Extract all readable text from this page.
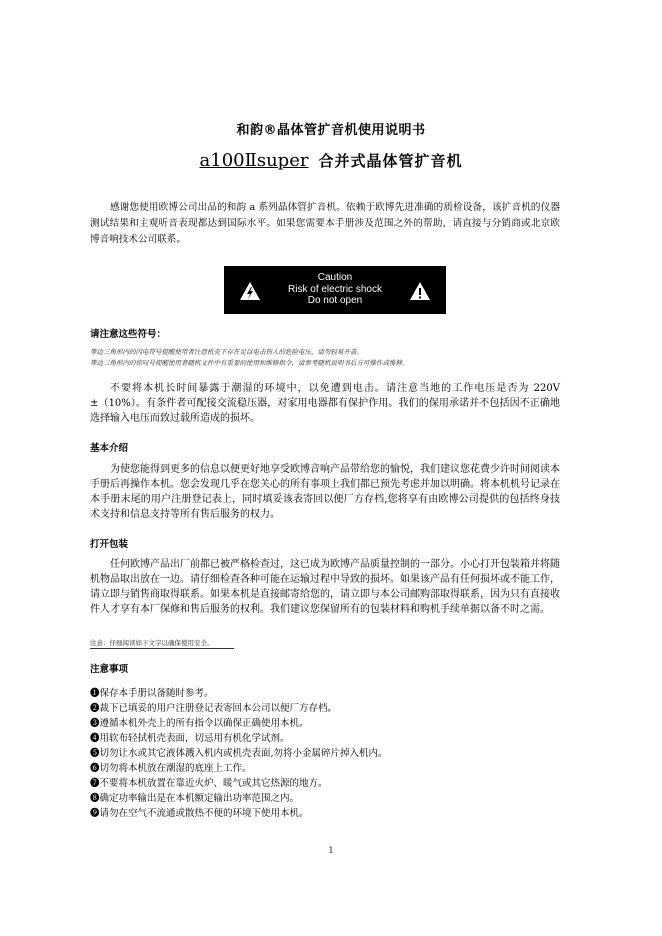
和韵®晶体管扩音机使用说明书
a100Ⅱsuper 合并式晶体管扩音机
感谢您使用欧博公司出品的和韵 a 系列晶体管扩音机。依赖于欧博先进准确的质检设备，该扩音机的仪器测试结果和主观听音表现都达到国际水平。如果您需要本手册涉及范围之外的帮助，请直接与分销商或北京欧博音响技术公司联系。
Caution
Risk of electric shock
Do not open
请注意这些符号：
等边三角形内的闪电符号提醒使用者注意机壳下存在足以电击伤人的危险电压，请勿轻易开盖。
等边三角形内的惊叹号提醒使用者随机文件中有重要的使用和维修指令，请参考随机说明书后方可操作或维修。
不要将本机长时间暴露于潮湿的环境中，以免遭到电击。请注意当地的工作电压是否为 220V ±（10%）。有条件者可配接交流稳压器，对家用电器都有保护作用。我们的保用承诺并不包括因不正确地选择输入电压而致过载所造成的损坏。
基本介绍
为使您能得到更多的信息以便更好地享受欧博音响产品带给您的愉悦，我们建议您花费少许时间阅读本手册后再操作本机。您会发现几乎在您关心的所有事项上我们都已预先考虑并加以明确。将本机机号记录在本手册末尾的用户注册登记表上，同时填妥该表寄回以便厂方存档,您将享有由欧博公司提供的包括终身技术支持和信息支持等所有售后服务的权力。
打开包装
任何欧博产品出厂前都已被严格检查过，这已成为欧博产品质量控制的一部分。小心打开包装箱并将随机物品取出放在一边。请仔细检查各种可能在运输过程中导致的损坏。如果该产品有任何损坏或不能工作，请立即与销售商取得联系。如果本机是直接邮寄给您的，请立即与本公司邮购部取得联系，因为只有直接收件人才享有本厂保修和售后服务的权利。我们建议您保留所有的包装材料和购机手续单据以备不时之需。
注意：仔细阅读如下文字以确保使用安全。
注意事项
❶保存本手册以备随时参考。
❷裁下已填妥的用户注册登记表寄回本公司以便厂方存档。
❸遵循本机外壳上的所有指令以确保正确使用本机。
❹用软布轻拭机壳表面，切忌用有机化学试剂。
❺切勿让水或其它液体溅入机内或机壳表面,勿将小金属碎片掉入机内。
❻切勿将本机放在潮湿的底座上工作。
❼不要将本机放置在靠近火炉、暖气或其它热源的地方。
❽确定功率输出是在本机额定输出功率范围之内。
❾请勿在空气不流通或散热不便的环境下使用本机。
1
